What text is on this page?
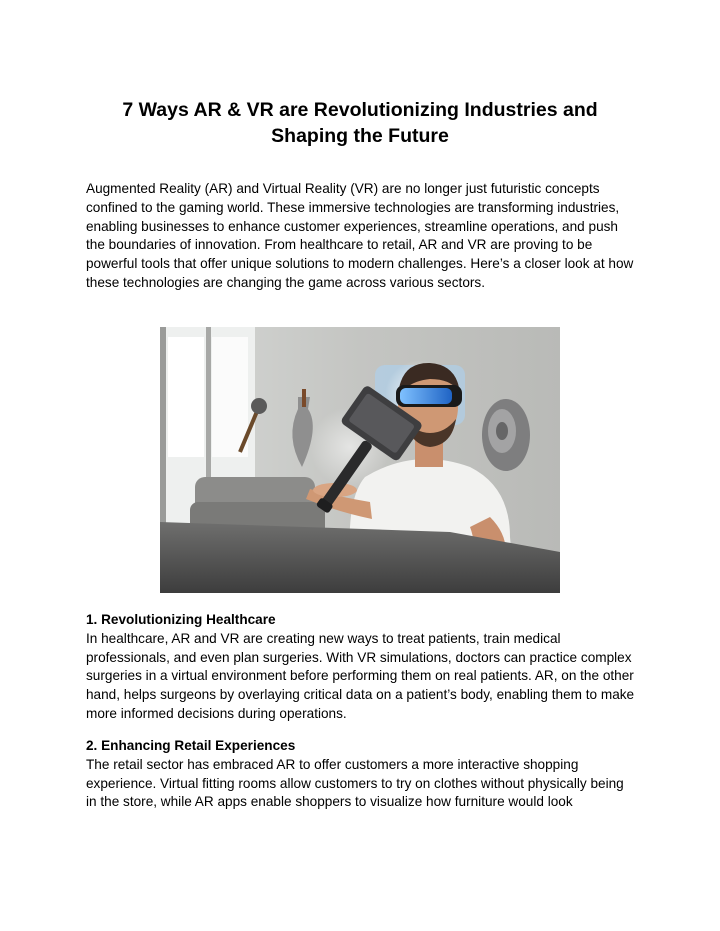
7 Ways AR & VR are Revolutionizing Industries and Shaping the Future

Augmented Reality (AR) and Virtual Reality (VR) are no longer just futuristic concepts confined to the gaming world. These immersive technologies are transforming industries, enabling businesses to enhance customer experiences, streamline operations, and push the boundaries of innovation. From healthcare to retail, AR and VR are proving to be powerful tools that offer unique solutions to modern challenges. Here’s a closer look at how these technologies are changing the game across various sectors.

1. Revolutionizing Healthcare

In healthcare, AR and VR are creating new ways to treat patients, train medical professionals, and even plan surgeries. With VR simulations, doctors can practice complex surgeries in a virtual environment before performing them on real patients. AR, on the other hand, helps surgeons by overlaying critical data on a patient’s body, enabling them to make more informed decisions during operations.

2. Enhancing Retail Experiences

The retail sector has embraced AR to offer customers a more interactive shopping experience. Virtual fitting rooms allow customers to try on clothes without physically being in the store, while AR apps enable shoppers to visualize how furniture would look
